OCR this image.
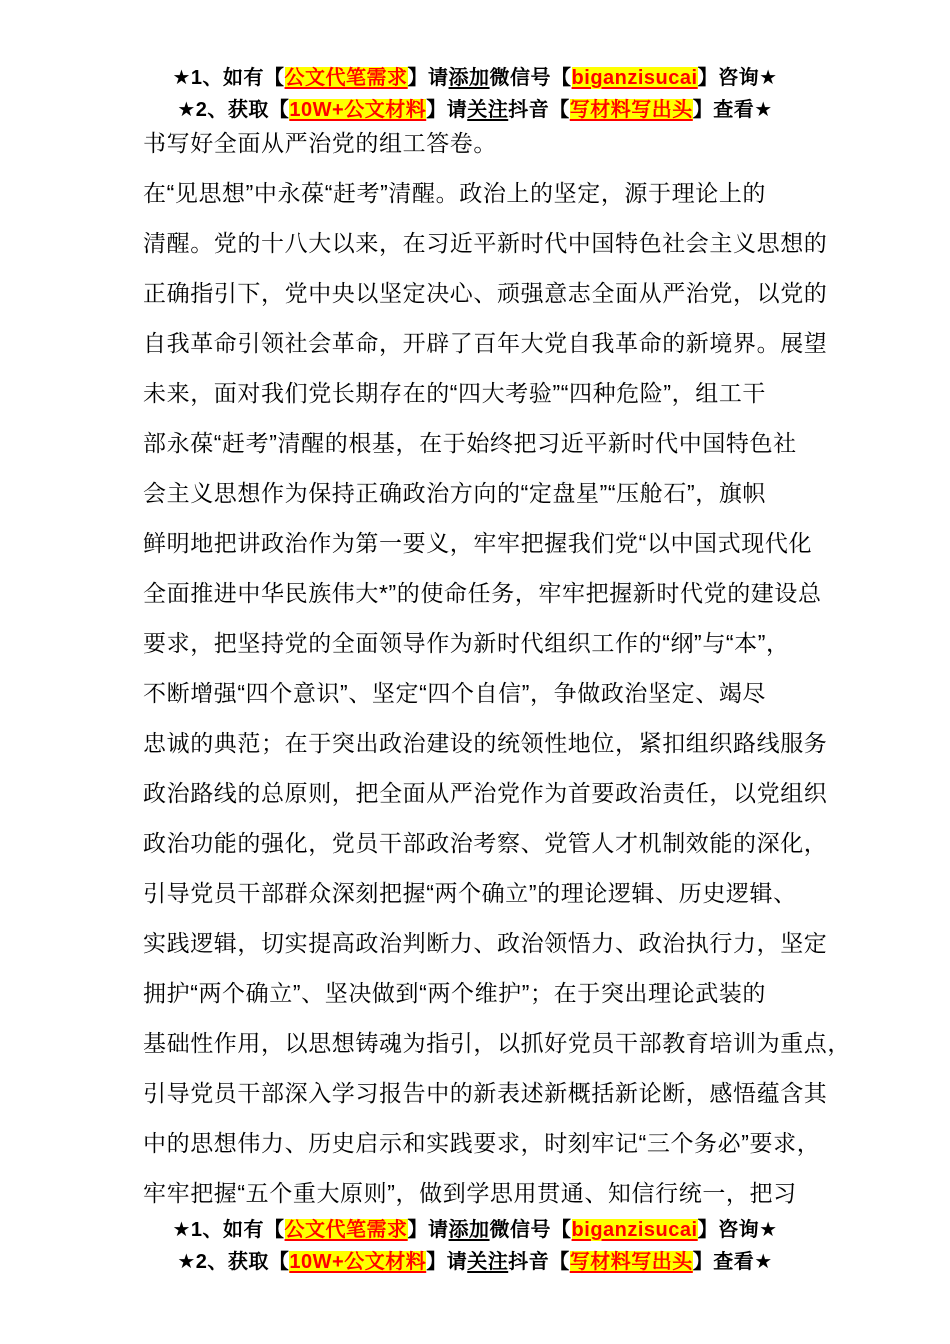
★1、如有【公文代笔需求】请添加微信号【biganzisucai】咨询★
★2、获取【10W+公文材料】请关注抖音【写材料写出头】查看★
书写好全面从严治党的组工答卷。
在“见思想”中永葆“赶考”清醒。政治上的坚定，源于理论上的
清醒。党的十八大以来，在习近平新时代中国特色社会主义思想的
正确指引下，党中央以坚定决心、顽强意志全面从严治党，以党的
自我革命引领社会革命，开辟了百年大党自我革命的新境界。展望
未来，面对我们党长期存在的“四大考验”“四种危险”，组工干
部永葆“赶考”清醒的根基，在于始终把习近平新时代中国特色社
会主义思想作为保持正确政治方向的“定盘星”“压舱石”，旗帜
鲜明地把讲政治作为第一要义，牢牢把握我们党“以中国式现代化
全面推进中华民族伟大*”的使命任务，牢牢把握新时代党的建设总
要求，把坚持党的全面领导作为新时代组织工作的“纲”与“本”，
不断增强“四个意识”、坚定“四个自信”，争做政治坚定、竭尽
忠诚的典范；在于突出政治建设的统领性地位，紧扣组织路线服务
政治路线的总原则，把全面从严治党作为首要政治责任，以党组织
政治功能的强化，党员干部政治考察、党管人才机制效能的深化，
引导党员干部群众深刻把握“两个确立”的理论逻辑、历史逻辑、
实践逻辑，切实提高政治判断力、政治领悟力、政治执行力，坚定
拥护“两个确立”、坚决做到“两个维护”；在于突出理论武装的
基础性作用，以思想铸魂为指引，以抓好党员干部教育培训为重点，
引导党员干部深入学习报告中的新表述新概括新论断，感悟蕴含其
中的思想伟力、历史启示和实践要求，时刻牢记“三个务必”要求，
牢牢把握“五个重大原则”，做到学思用贯通、知信行统一，把习
★1、如有【公文代笔需求】请添加微信号【biganzisucai】咨询★
★2、获取【10W+公文材料】请关注抖音【写材料写出头】查看★
